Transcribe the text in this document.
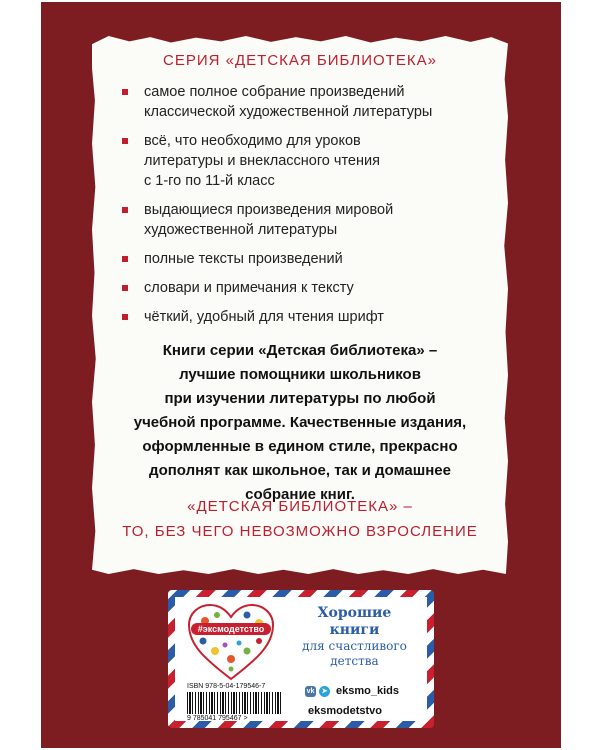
СЕРИЯ «ДЕТСКАЯ БИБЛИОТЕКА»
самое полное собрание произведений
классической художественной литературы
всё, что необходимо для уроков
литературы и внеклассного чтения
с 1-го по 11-й класс
выдающиеся произведения мировой
художественной литературы
полные тексты произведений
словари и примечания к тексту
чёткий, удобный для чтения шрифт

Книги серии «Детская библиотека» –
лучшие помощники школьников
при изучении литературы по любой
учебной программе. Качественные издания,
оформленные в едином стиле, прекрасно
дополнят как школьное, так и домашнее
собрание книг.

«ДЕТСКАЯ БИБЛИОТЕКА» –
ТО, БЕЗ ЧЕГО НЕВОЗМОЖНО ВЗРОСЛЕНИЕ
#эксмодетство
Хорошие
книги
для счастливого
детства
ISBN 978-5-04-179546-7
9 785041 795467 >
vk	➤ eksmo_kids
eksmodetstvo
